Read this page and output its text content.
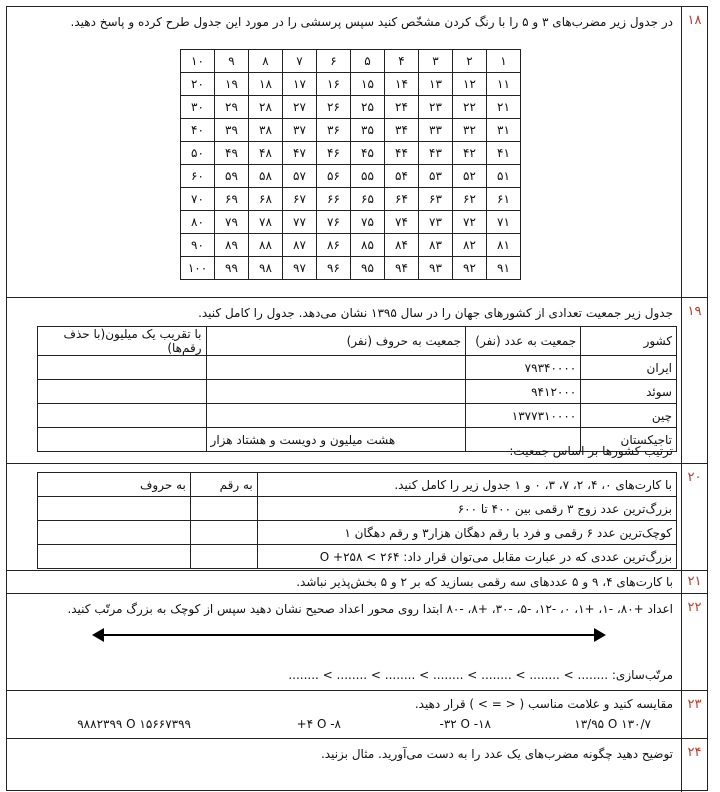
۱۸
در جدول زیر مضرب‌های ۳ و ۵ را با رنگ کردن مشخّص کنید سپس پرسشی را در مورد این جدول طرح کرده و پاسخ دهید.
۱	۲	۳	۴	۵	۶	۷	۸	۹	۱۰
۱۱	۱۲	۱۳	۱۴	۱۵	۱۶	۱۷	۱۸	۱۹	۲۰
۲۱	۲۲	۲۳	۲۴	۲۵	۲۶	۲۷	۲۸	۲۹	۳۰
۳۱	۳۲	۳۳	۳۴	۳۵	۳۶	۳۷	۳۸	۳۹	۴۰
۴۱	۴۲	۴۳	۴۴	۴۵	۴۶	۴۷	۴۸	۴۹	۵۰
۵۱	۵۲	۵۳	۵۴	۵۵	۵۶	۵۷	۵۸	۵۹	۶۰
۶۱	۶۲	۶۳	۶۴	۶۵	۶۶	۶۷	۶۸	۶۹	۷۰
۷۱	۷۲	۷۳	۷۴	۷۵	۷۶	۷۷	۷۸	۷۹	۸۰
۸۱	۸۲	۸۳	۸۴	۸۵	۸۶	۸۷	۸۸	۸۹	۹۰
۹۱	۹۲	۹۳	۹۴	۹۵	۹۶	۹۷	۹۸	۹۹	۱۰۰
۱۹
جدول زیر جمعیت تعدادی از کشورهای جهان را در سال ۱۳۹۵ نشان می‌دهد. جدول را کامل کنید.
کشور	جمعیت به عدد (نفر)	جمعیت به حروف (نفر)	با تقریب یک میلیون(با حذف رقم‌ها)
ایران	۷۹۳۴۰۰۰۰		
سوئد	۹۴۱۲۰۰۰		
چین	۱۳۷۷۳۱۰۰۰۰		
تاجیکستان		هشت میلیون و دویست و هشتاد هزار	
ترتیب کشورها بر اساس جمعیت:
۲۰
با کارت‌های ۰، ۴، ۲، ۷، ۳، ۰ و ۱ جدول زیر را کامل کنید.	به رقم	به حروف
بزرگ‌ترین عدد زوج ۳ رقمی بین ۴۰۰ تا ۶۰۰		
کوچک‌ترین عدد ۶ رقمی و فرد با رقم دهگان هزار۳ و رقم دهگان ۱		
بزرگ‌ترین عددی که در عبارت مقابل می‌توان قرار داد: ۲۶۴ > O +۲۵۸		
۲۱
با کارت‌های ۴، ۹ و ۵ عددهای سه رقمی بسازید که بر ۲ و ۵ بخش‌پذیر نباشد.
۲۲
اعداد +۸۰، -۱، +۱، ۰، -۱۲، -۵، -۳۰، +۸، -۸۰ ابتدا روی محور اعداد صحیح نشان دهید سپس از کوچک به بزرگ مرتّب کنید.
مرتّب‌سازی: ........ > ........ > ........ > ........ > ........ > ........ > ........
۲۳
مقایسه کنید و علامت مناسب ( < = > ) قرار دهید.
۱۳/۹۵ O ۱۳۰/۷
-۳۲ O -۱۸
+۴ O -۸
۹۸۸۲۳۹۹ O ۱۵۶۶۷۳۹۹
۲۴
توضیح دهید چگونه مضرب‌های یک عدد را به دست می‌آورید. مثال بزنید.
